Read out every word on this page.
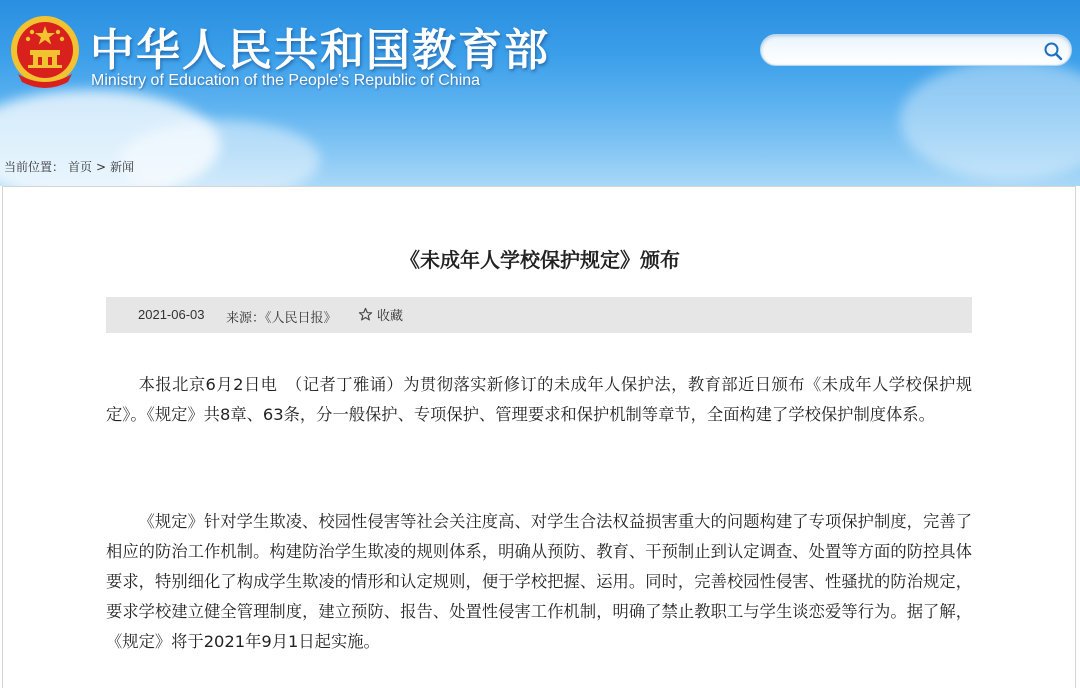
中华人民共和国教育部
Ministry of Education of the People's Republic of China
当前位置： 首页 > 新闻
《未成年人学校保护规定》颁布
2021-06-03 来源：《人民日报》	收藏

本报北京6月2日电　（记者丁雅诵）为贯彻落实新修订的未成年人保护法，教育部近日颁布《未成年人学校保护规定》。《规定》共8章、63条，分一般保护、专项保护、管理要求和保护机制等章节，全面构建了学校保护制度体系。

《规定》针对学生欺凌、校园性侵害等社会关注度高、对学生合法权益损害重大的问题构建了专项保护制度，完善了相应的防治工作机制。构建防治学生欺凌的规则体系，明确从预防、教育、干预制止到认定调查、处置等方面的防控具体要求，特别细化了构成学生欺凌的情形和认定规则，便于学校把握、运用。同时，完善校园性侵害、性骚扰的防治规定，要求学校建立健全管理制度，建立预防、报告、处置性侵害工作机制，明确了禁止教职工与学生谈恋爱等行为。据了解，《规定》将于2021年9月1日起实施。
